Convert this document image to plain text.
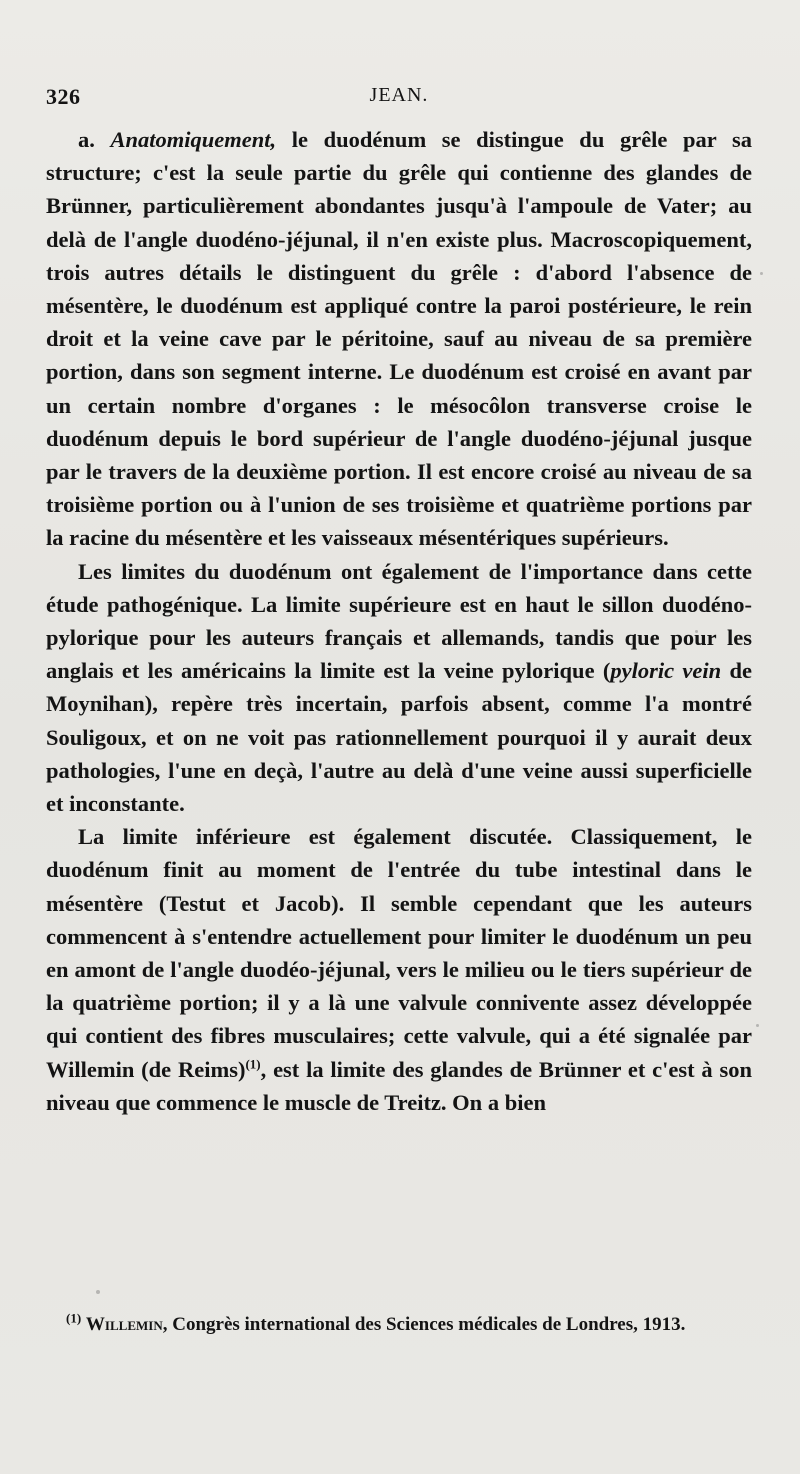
326	JEAN.

a. Anatomiquement, le duodénum se distingue du grêle par sa structure; c'est la seule partie du grêle qui contienne des glandes de Brünner, particulièrement abondantes jusqu'à l'ampoule de Vater; au delà de l'angle duodéno-jéjunal, il n'en existe plus. Macroscopiquement, trois autres détails le distinguent du grêle : d'abord l'absence de mésentère, le duodénum est appliqué contre la paroi postérieure, le rein droit et la veine cave par le péritoine, sauf au niveau de sa première portion, dans son segment interne. Le duodénum est croisé en avant par un certain nombre d'organes : le mésocôlon transverse croise le duodénum depuis le bord supérieur de l'angle duodéno-jéjunal jusque par le travers de la deuxième portion. Il est encore croisé au niveau de sa troisième portion ou à l'union de ses troisième et quatrième portions par la racine du mésentère et les vaisseaux mésentériques supérieurs.

Les limites du duodénum ont également de l'importance dans cette étude pathogénique. La limite supérieure est en haut le sillon duodéno-pylorique pour les auteurs français et allemands, tandis que pour les anglais et les américains la limite est la veine pylorique (pyloric vein de Moynihan), repère très incertain, parfois absent, comme l'a montré Souligoux, et on ne voit pas rationnellement pourquoi il y aurait deux pathologies, l'une en deçà, l'autre au delà d'une veine aussi superficielle et inconstante.

La limite inférieure est également discutée. Classiquement, le duodénum finit au moment de l'entrée du tube intestinal dans le mésentère (Testut et Jacob). Il semble cependant que les auteurs commencent à s'entendre actuellement pour limiter le duodénum un peu en amont de l'angle duodéo-jéjunal, vers le milieu ou le tiers supérieur de la quatrième portion; il y a là une valvule connivente assez développée qui contient des fibres musculaires; cette valvule, qui a été signalée par Willemin (de Reims)$^{(1)}$, est la limite des glandes de Brünner et c'est à son niveau que commence le muscle de Treitz. On a bien

$^{(1)}$ Willemin, Congrès international des Sciences médicales de Londres, 1913.
